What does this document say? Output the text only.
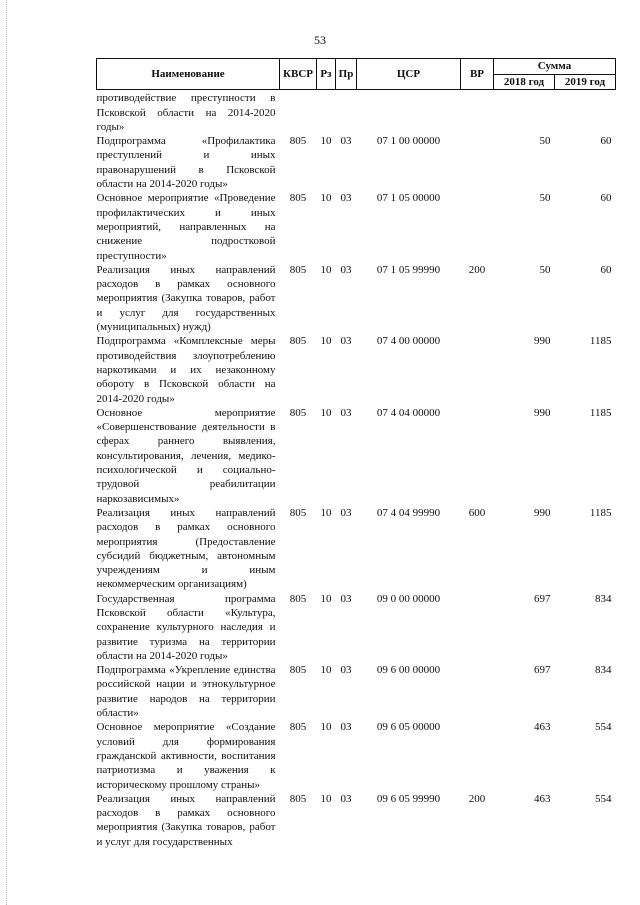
53
Наименование	КВСР	Рз	Пр	ЦСР	ВР	Сумма	
						2018 год	2019 год
противодействие преступности в Псковской области на 2014-2020 годы»							
Подпрограмма «Профилактика преступлений и иных правонарушений в Псковской области на 2014-2020 годы»	805	10	03	07 1 00 00000		50	60
Основное мероприятие «Проведение профилактических и иных мероприятий, направленных на снижение подростковой преступности»	805	10	03	07 1 05 00000		50	60
Реализация иных направлений расходов в рамках основного мероприятия (Закупка товаров, работ и услуг для государственных (муниципальных) нужд)	805	10	03	07 1 05 99990	200	50	60
Подпрограмма «Комплексные меры противодействия злоупотреблению наркотиками и их незаконному обороту в Псковской области на 2014-2020 годы»	805	10	03	07 4 00 00000		990	1185
Основное мероприятие «Совершенствование деятельности в сферах раннего выявления, консультирования, лечения, медико-психологической и социально-трудовой реабилитации наркозависимых»	805	10	03	07 4 04 00000		990	1185
Реализация иных направлений расходов в рамках основного мероприятия (Предоставление субсидий бюджетным, автономным учреждениям и иным некоммерческим организациям)	805	10	03	07 4 04 99990	600	990	1185
Государственная программа Псковской области «Культура, сохранение культурного наследия и развитие туризма на территории области на 2014-2020 годы»	805	10	03	09 0 00 00000		697	834
Подпрограмма «Укрепление единства российской нации и этнокультурное развитие народов на территории области»	805	10	03	09 6 00 00000		697	834
Основное мероприятие «Создание условий для формирования гражданской активности, воспитания патриотизма и уважения к историческому прошлому страны»	805	10	03	09 6 05 00000		463	554
Реализация иных направлений расходов в рамках основного мероприятия (Закупка товаров, работ и услуг для государственных	805	10	03	09 6 05 99990	200	463	554
